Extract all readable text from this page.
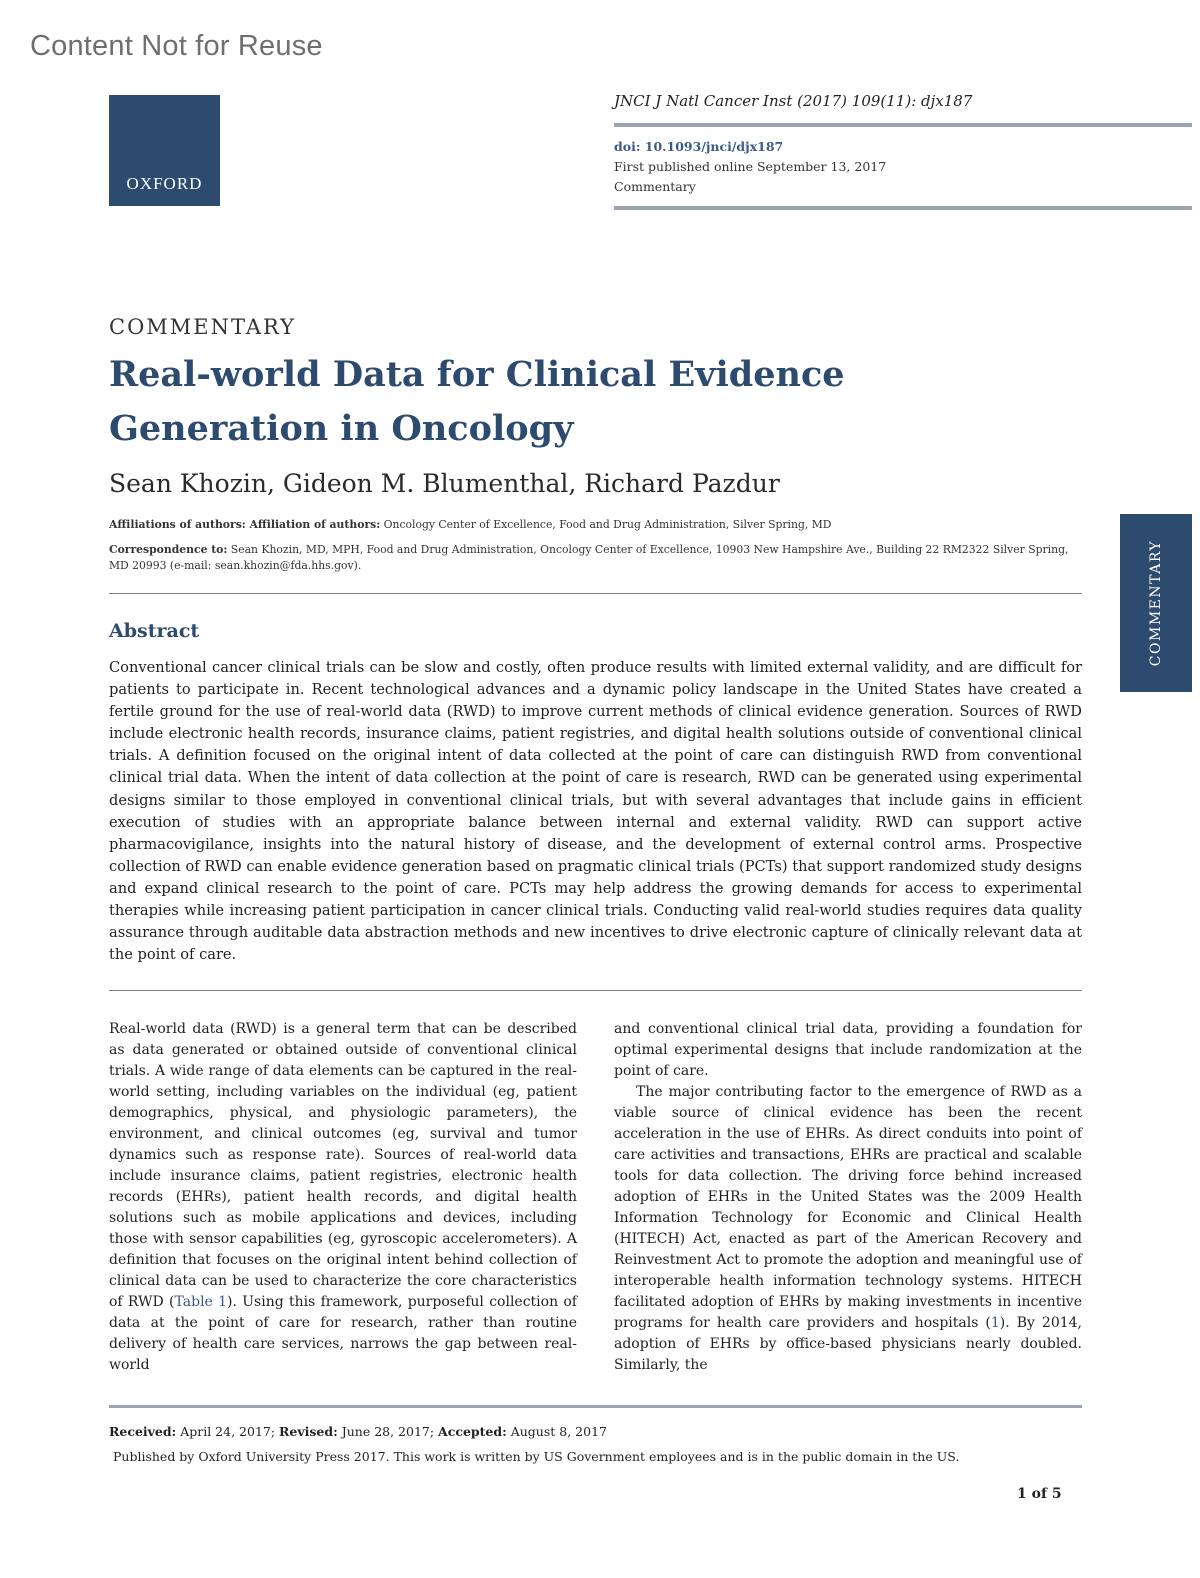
Content Not for Reuse
OXFORD
JNCI J Natl Cancer Inst (2017) 109(11): djx187
doi: 10.1093/jnci/djx187
First published online September 13, 2017
Commentary
COMMENTARY
COMMENTARY
Real-world Data for Clinical Evidence Generation in Oncology
Sean Khozin, Gideon M. Blumenthal, Richard Pazdur
Affiliations of authors: Affiliation of authors: Oncology Center of Excellence, Food and Drug Administration, Silver Spring, MD
Correspondence to: Sean Khozin, MD, MPH, Food and Drug Administration, Oncology Center of Excellence, 10903 New Hampshire Ave., Building 22 RM2322 Silver Spring, MD 20993 (e-mail: sean.khozin@fda.hhs.gov).
Abstract
Conventional cancer clinical trials can be slow and costly, often produce results with limited external validity, and are difficult for patients to participate in. Recent technological advances and a dynamic policy landscape in the United States have created a fertile ground for the use of real-world data (RWD) to improve current methods of clinical evidence generation. Sources of RWD include electronic health records, insurance claims, patient registries, and digital health solutions outside of conventional clinical trials. A definition focused on the original intent of data collected at the point of care can distinguish RWD from conventional clinical trial data. When the intent of data collection at the point of care is research, RWD can be generated using experimental designs similar to those employed in conventional clinical trials, but with several advantages that include gains in efficient execution of studies with an appropriate balance between internal and external validity. RWD can support active pharmacovigilance, insights into the natural history of disease, and the development of external control arms. Prospective collection of RWD can enable evidence generation based on pragmatic clinical trials (PCTs) that support randomized study designs and expand clinical research to the point of care. PCTs may help address the growing demands for access to experimental therapies while increasing patient participation in cancer clinical trials. Conducting valid real-world studies requires data quality assurance through auditable data abstraction methods and new incentives to drive electronic capture of clinically relevant data at the point of care.

Real-world data (RWD) is a general term that can be described as data generated or obtained outside of conventional clinical trials. A wide range of data elements can be captured in the real-world setting, including variables on the individual (eg, patient demographics, physical, and physiologic parameters), the environment, and clinical outcomes (eg, survival and tumor dynamics such as response rate). Sources of real-world data include insurance claims, patient registries, electronic health records (EHRs), patient health records, and digital health solutions such as mobile applications and devices, including those with sensor capabilities (eg, gyroscopic accelerometers). A definition that focuses on the original intent behind collection of clinical data can be used to characterize the core characteristics of RWD (Table 1). Using this framework, purposeful collection of data at the point of care for research, rather than routine delivery of health care services, narrows the gap between real-world

and conventional clinical trial data, providing a foundation for optimal experimental designs that include randomization at the point of care.

The major contributing factor to the emergence of RWD as a viable source of clinical evidence has been the recent acceleration in the use of EHRs. As direct conduits into point of care activities and transactions, EHRs are practical and scalable tools for data collection. The driving force behind increased adoption of EHRs in the United States was the 2009 Health Information Technology for Economic and Clinical Health (HITECH) Act, enacted as part of the American Recovery and Reinvestment Act to promote the adoption and meaningful use of interoperable health information technology systems. HITECH facilitated adoption of EHRs by making investments in incentive programs for health care providers and hospitals (1). By 2014, adoption of EHRs by office-based physicians nearly doubled. Similarly, the

Received: April 24, 2017; Revised: June 28, 2017; Accepted: August 8, 2017
Published by Oxford University Press 2017. This work is written by US Government employees and is in the public domain in the US.
1 of 5
